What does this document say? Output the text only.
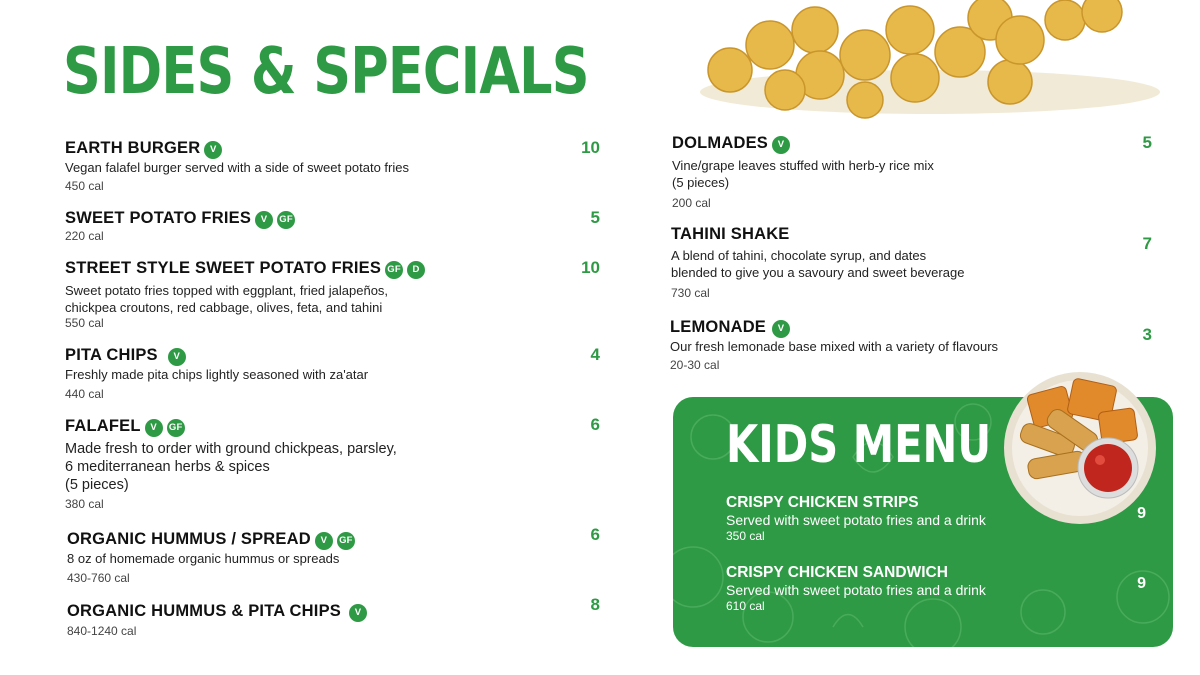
SIDES & SPECIALS
EARTH BURGER V
Vegan falafel burger served with a side of sweet potato fries
450 cal
10
SWEET POTATO FRIES V GF
220 cal
5
STREET STYLE SWEET POTATO FRIES GF D
Sweet potato fries topped with eggplant, fried jalapeños,
chickpea croutons, red cabbage, olives, feta, and tahini
550 cal
10
PITA CHIPS V
Freshly made pita chips lightly seasoned with za'atar
440 cal
4
FALAFEL V GF
Made fresh to order with ground chickpeas, parsley,
6 mediterranean herbs & spices
(5 pieces)
380 cal
6
ORGANIC HUMMUS / SPREAD V GF
8 oz of homemade organic hummus or spreads
430-760 cal
6
ORGANIC HUMMUS & PITA CHIPS V
840-1240 cal
8
DOLMADES V
Vine/grape leaves stuffed with herb-y rice mix
(5 pieces)
200 cal
5
TAHINI SHAKE
A blend of tahini, chocolate syrup, and dates
blended to give you a savoury and sweet beverage
730 cal
7
LEMONADE V
Our fresh lemonade base mixed with a variety of flavours
20-30 cal
3
KIDS MENU
CRISPY CHICKEN STRIPS
Served with sweet potato fries and a drink
350 cal
9
CRISPY CHICKEN SANDWICH
Served with sweet potato fries and a drink
610 cal
9
